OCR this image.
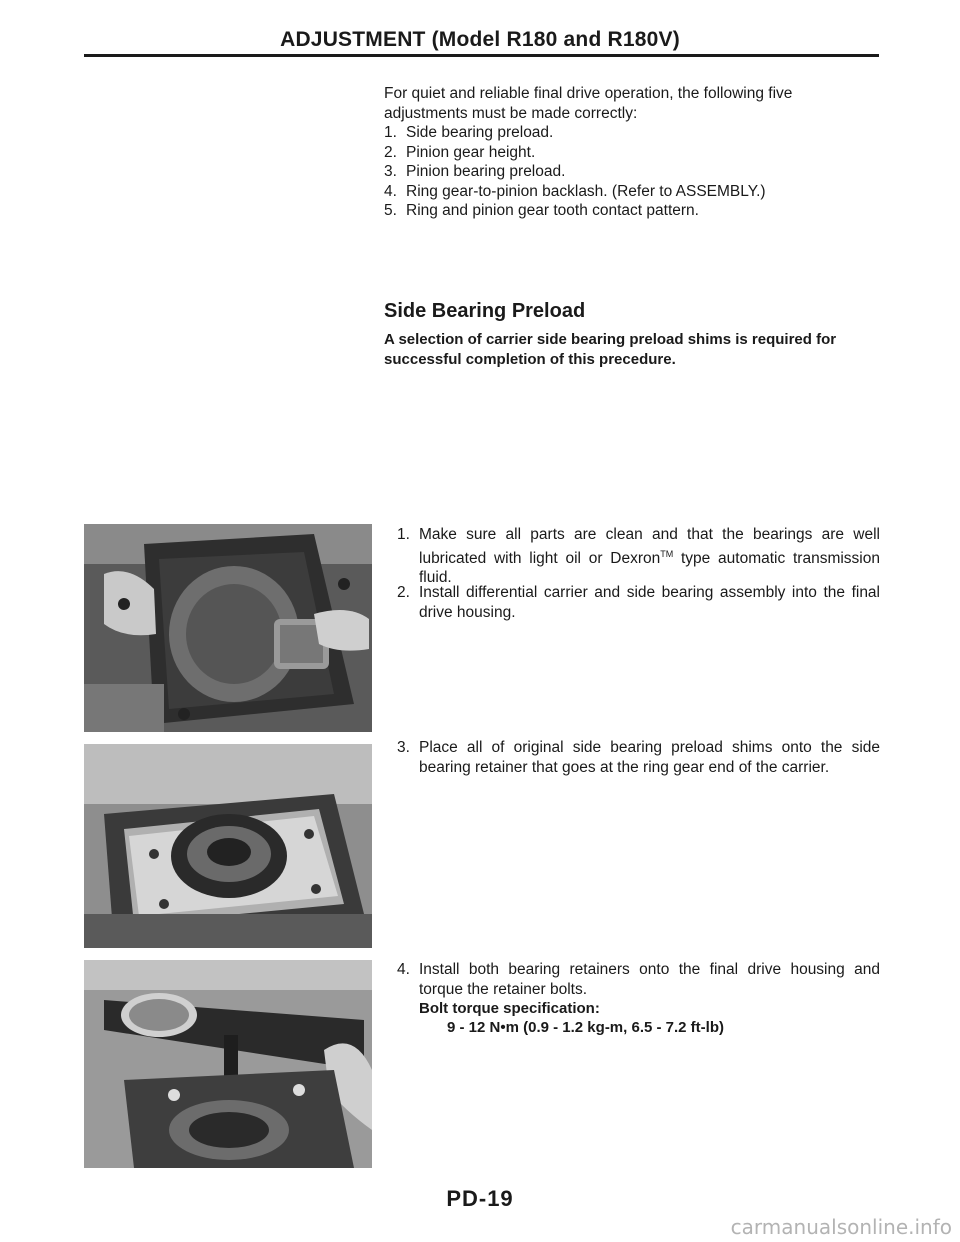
ADJUSTMENT (Model R180 and R180V)
For quiet and reliable final drive operation, the following five
adjustments must be made correctly:
1. Side bearing preload.
2. Pinion gear height.
3. Pinion bearing preload.
4. Ring gear-to-pinion backlash. (Refer to ASSEMBLY.)
5. Ring and pinion gear tooth contact pattern.
Side Bearing Preload
A selection of carrier side bearing preload shims is required for successful completion of this precedure.
1. Make sure all parts are clean and that the bearings are well lubricated with light oil or Dexron™ type automatic transmission fluid.
2. Install differential carrier and side bearing assembly into the final drive housing.
3. Place all of original side bearing preload shims onto the side bearing retainer that goes at the ring gear end of the carrier.
4. Install both bearing retainers onto the final drive housing and torque the retainer bolts.
Bolt torque specification:
9 - 12 N•m (0.9 - 1.2 kg-m, 6.5 - 7.2 ft-lb)
PD-19
carmanualsonline.info
